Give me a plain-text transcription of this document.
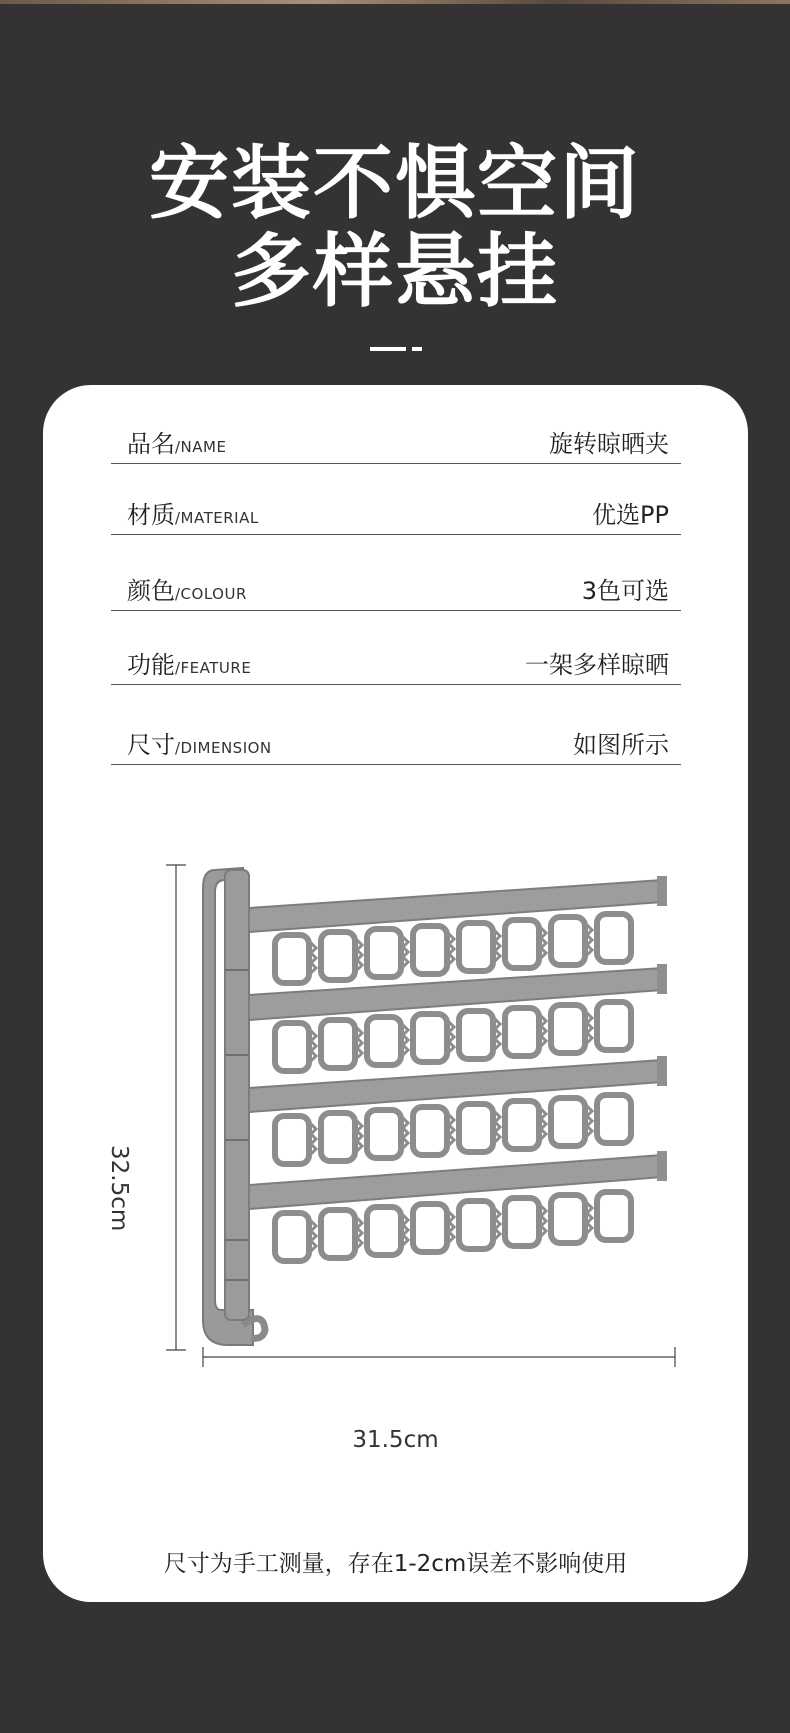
安装不惧空间
多样悬挂
品名/NAME	旋转晾晒夹
材质/MATERIAL	优选PP
颜色/COLOUR	3色可选
功能/FEATURE	一架多样晾晒
尺寸/DIMENSION	如图所示
32.5cm
31.5cm
尺寸为手工测量，存在1-2cm误差不影响使用
